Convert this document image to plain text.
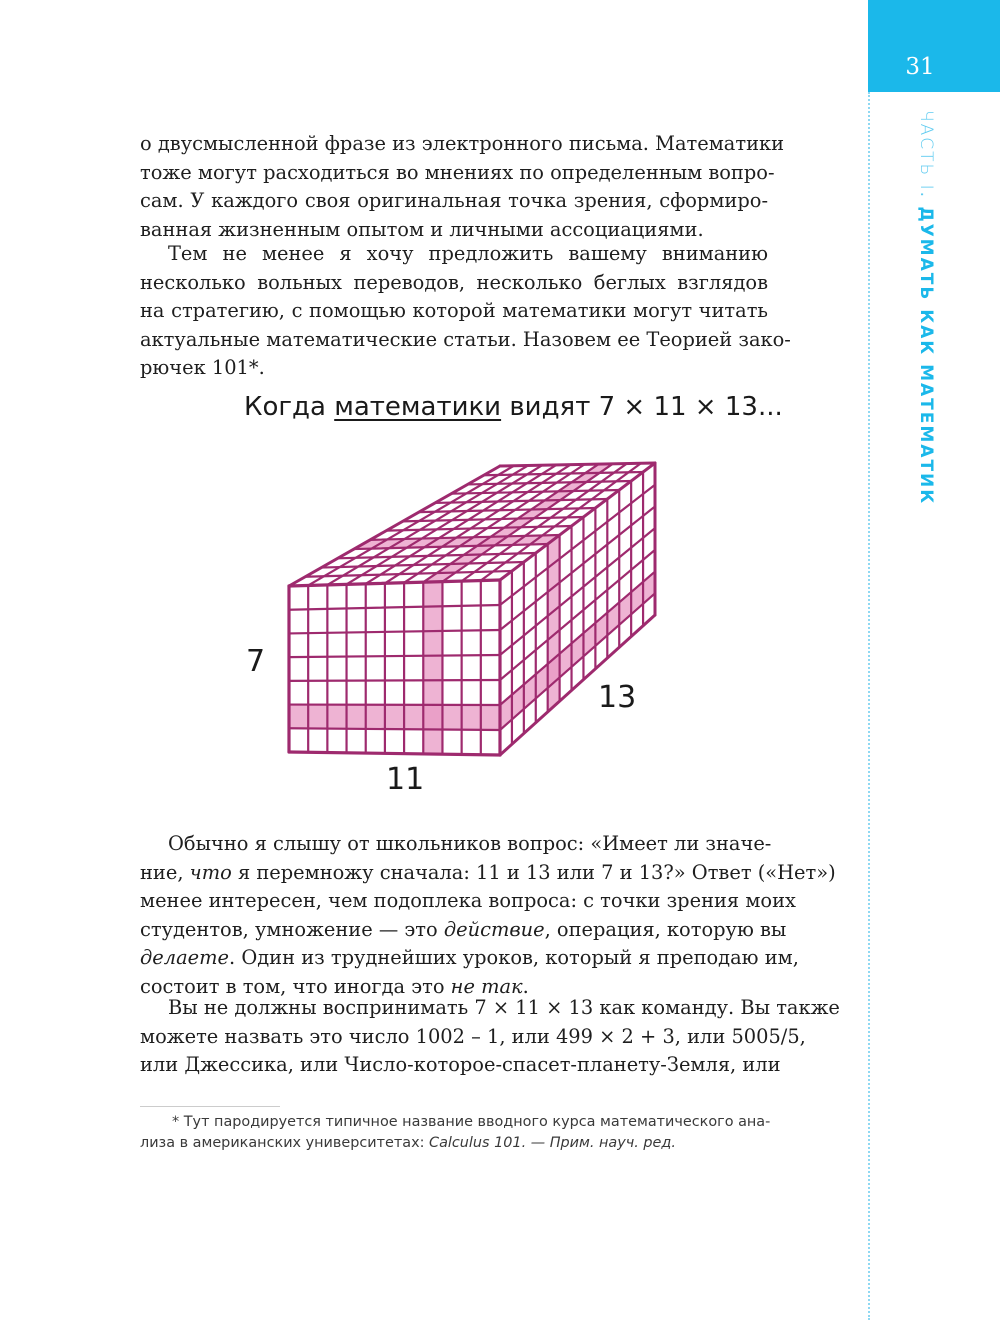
31
ЧАСТЬ I. ДУМАТЬ КАК МАТЕМАТИК
о двусмысленной фразе из электронного письма. Математики
тоже могут расходиться во мнениях по определенным вопро-
сам. У каждого своя оригинальная точка зрения, сформиро-
ванная жизненным опытом и личными ассоциациями.
Тем не менее я хочу предложить вашему вниманию
несколько вольных переводов, несколько беглых взглядов
на стратегию, с помощью которой математики могут читать
актуальные математические статьи. Назовем ее Теорией зако-
рючек 101*.
Когда математики видят 7 × 11 × 13...
7
13
11
Обычно я слышу от школьников вопрос: «Имеет ли значе-
ние, что я перемножу сначала: 11 и 13 или 7 и 13?» Ответ («Нет»)
менее интересен, чем подоплека вопроса: с точки зрения моих
студентов, умножение — это действие, операция, которую вы
делаете. Один из труднейших уроков, который я преподаю им,
состоит в том, что иногда это не так.
Вы не должны воспринимать 7 × 11 × 13 как команду. Вы также
можете назвать это число 1002 – 1, или 499 × 2 + 3, или 5005/5,
или Джессика, или Число-которое-спасет-планету-Земля, или
* Тут пародируется типичное название вводного курса математического ана-
лиза в американских университетах: Calculus 101. — Прим. науч. ред.
